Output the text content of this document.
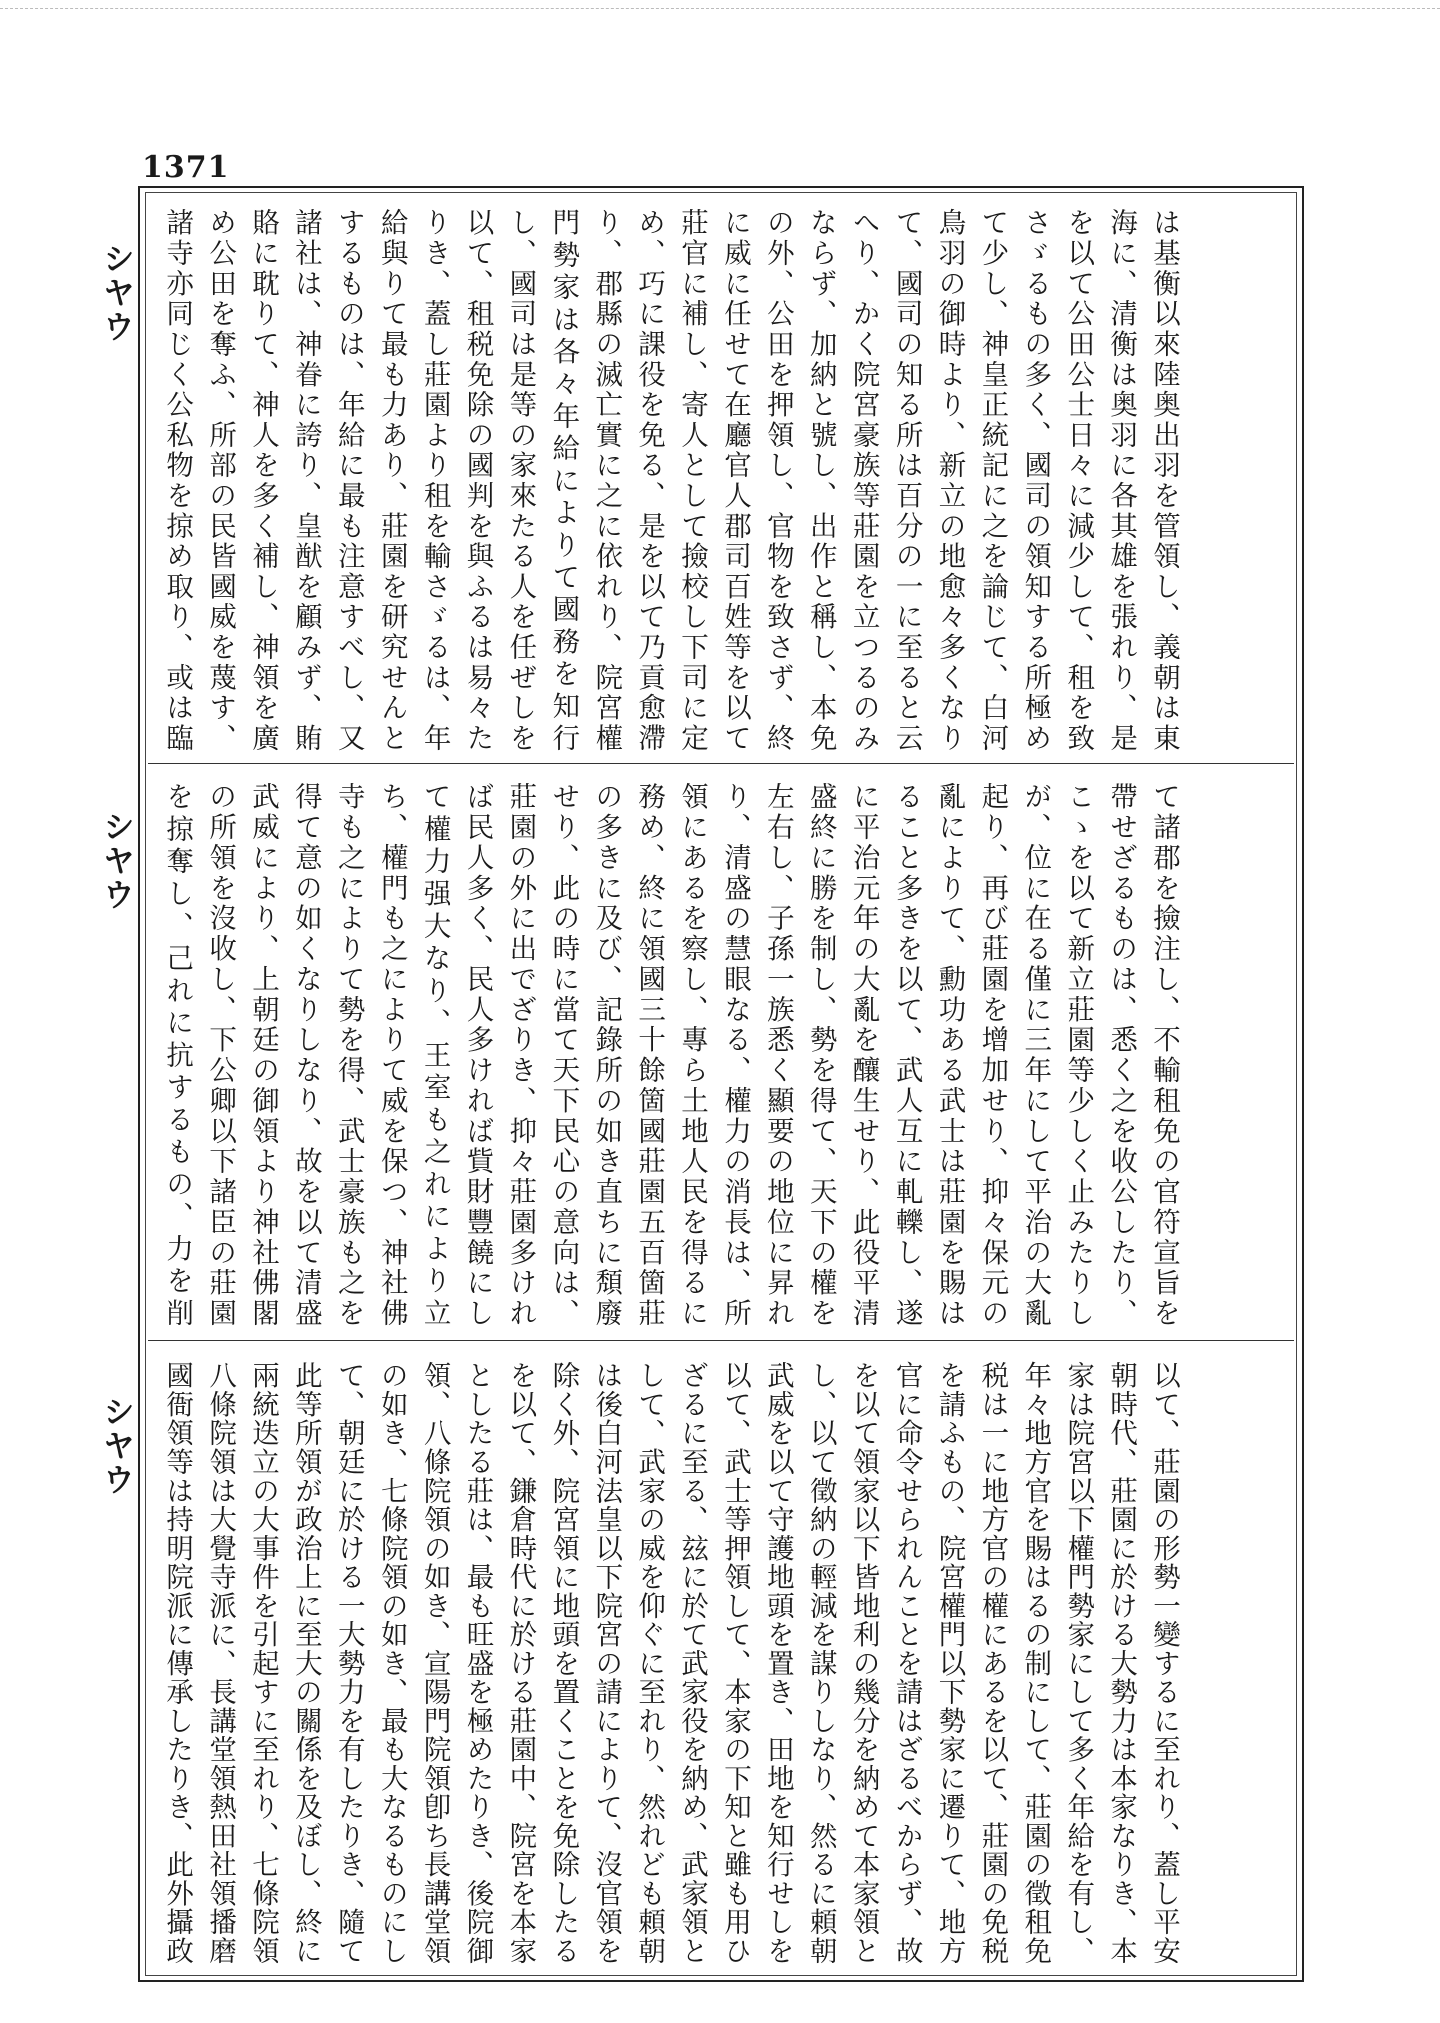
1371
は基衡以來陸奥出羽を管領し、義朝は東海に、清衡は奥羽に各其雄を張れり、是を以て公田公士日々に減少して、租を致さゞるもの多く、國司の領知する所極めて少し、神皇正統記に之を論じて、白河鳥羽の御時より、新立の地愈々多くなりて、國司の知る所は百分の一に至ると云へり、かく院宮豪族等莊園を立つるのみならず、加納と號し、出作と稱し、本免の外、公田を押領し、官物を致さず、終に威に任せて在廳官人郡司百姓等を以て莊官に補し、寄人として撿校し下司に定め、巧に課役を免る、是を以て乃貢愈滯り、郡縣の滅亡實に之に依れり、院宮權門勢家は各々年給によりて國務を知行し、國司は是等の家來たる人を任ぜしを以て、租税免除の國判を與ふるは易々たりき、蓋し莊園より租を輸さゞるは、年給與りて最も力あり、莊園を研究せんとするものは、年給に最も注意すべし、又諸社は、神眷に誇り、皇猷を顧みず、賄賂に耽りて、神人を多く補し、神領を廣め公田を奪ふ、所部の民皆國威を蔑す、諸寺亦同じく公私物を掠め取り、或は臨
て諸郡を撿注し、不輸租免の官符宣旨を帶せざるものは、悉く之を收公したり、こゝを以て新立莊園等少しく止みたりしが、位に在る僅に三年にして平治の大亂起り、再び莊園を增加せり、抑々保元の亂によりて、勳功ある武士は莊園を賜はること多きを以て、武人互に軋轢し、遂に平治元年の大亂を釀生せり、此役平清盛終に勝を制し、勢を得て、天下の權を左右し、子孫一族悉く顯要の地位に昇れり、清盛の慧眼なる、權力の消長は、所領にあるを察し、專ら土地人民を得るに務め、終に領國三十餘箇國莊園五百箇莊の多きに及び、記錄所の如き直ちに頽廢せり、此の時に當て天下民心の意向は、莊園の外に出でざりき、抑々莊園多ければ民人多く、民人多ければ貲財豐饒にして權力强大なり、王室も之れにより立ち、權門も之によりて威を保つ、神社佛寺も之によりて勢を得、武士豪族も之を得て意の如くなりしなり、故を以て清盛武威により、上朝廷の御領より神社佛閣の所領を沒收し、下公卿以下諸臣の莊園を掠奪し、己れに抗するもの、力を削
以て、莊園の形勢一變するに至れり、蓋し平安朝時代、莊園に於ける大勢力は本家なりき、本家は院宮以下權門勢家にして多く年給を有し、年々地方官を賜はるの制にして、莊園の徵租免税は一に地方官の權にあるを以て、莊園の免税を請ふもの、院宮權門以下勢家に遷りて、地方官に命令せられんことを請はざるべからず、故を以て領家以下皆地利の幾分を納めて本家領とし、以て徵納の輕減を謀りしなり、然るに頼朝武威を以て守護地頭を置き、田地を知行せしを以て、武士等押領して、本家の下知と雖も用ひざるに至る、玆に於て武家役を納め、武家領として、武家の威を仰ぐに至れり、然れども頼朝は後白河法皇以下院宮の請によりて、沒官領を除く外、院宮領に地頭を置くことを免除したるを以て、鎌倉時代に於ける莊園中、院宮を本家としたる莊は、最も旺盛を極めたりき、後院御領、八條院領の如き、宣陽門院領卽ち長講堂領の如き、七條院領の如き、最も大なるものにして、朝廷に於ける一大勢力を有したりき、隨て此等所領が政治上に至大の關係を及ぼし、終に兩統迭立の大事件を引起すに至れり、七條院領八條院領は大覺寺派に、長講堂領熱田社領播磨國衙領等は持明院派に傳承したりき、此外攝政
シヤウ
シヤウ
シヤウ
